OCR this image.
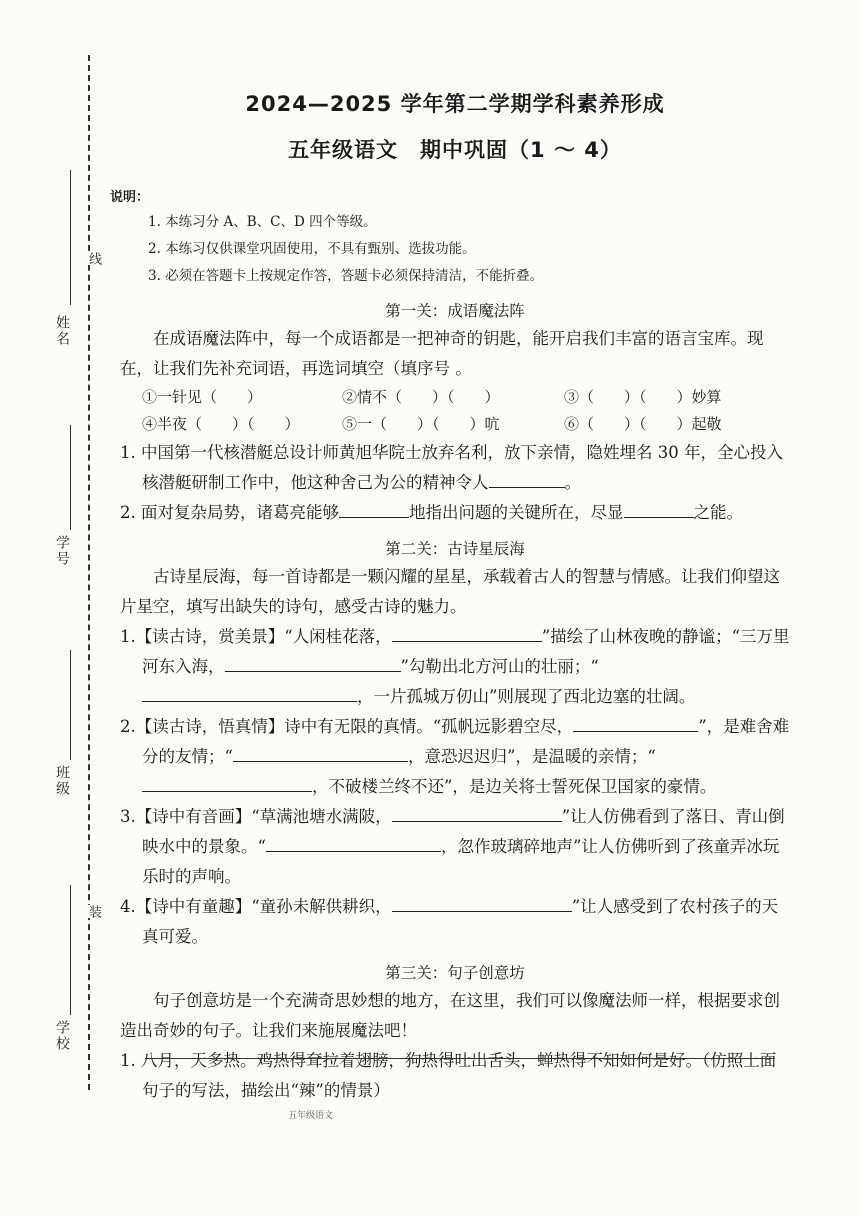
线
装
姓名
学号
班级
学校
2024—2025 学年第二学期学科素养形成
五年级语文　期中巩固（1 ～ 4）
说明：
1. 本练习分 A、B、C、D 四个等级。
2. 本练习仅供课堂巩固使用，不具有甄别、选拔功能。
3. 必须在答题卡上按规定作答，答题卡必须保持清洁，不能折叠。
第一关：成语魔法阵

在成语魔法阵中，每一个成语都是一把神奇的钥匙，能开启我们丰富的语言宝库。现在，让我们先补充词语，再选词填空（填序号 。

①一针见（　　）	②情不（　　）（　　）	③（　　）（　　）妙算
④半夜（　　）（　　）	⑤一（　　）（　　）吭	⑥（　　）（　　）起敬

1. 中国第一代核潜艇总设计师黄旭华院士放弃名利，放下亲情，隐姓埋名 30 年，全心投入核潜艇研制工作中，他这种舍己为公的精神令人	。

2. 面对复杂局势，诸葛亮能够	地指出问题的关键所在，尽显	之能。

第二关：古诗星辰海

古诗星辰海，每一首诗都是一颗闪耀的星星，承载着古人的智慧与情感。让我们仰望这片星空，填写出缺失的诗句，感受古诗的魅力。

1.【读古诗，赏美景】“人闲桂花落，	”描绘了山林夜晚的静谧；“三万里河东入海，	”勾勒出北方河山的壮丽；“，一片孤城万仞山”则展现了西北边塞的壮阔。

2.【读古诗，悟真情】诗中有无限的真情。“孤帆远影碧空尽，	”，是难舍难分的友情；“	，意恐迟迟归”，是温暖的亲情；“，不破楼兰终不还”，是边关将士誓死保卫国家的豪情。

3.【诗中有音画】“草满池塘水满陂，	”让人仿佛看到了落日、青山倒映水中的景象。“	，忽作玻璃碎地声”让人仿佛听到了孩童弄冰玩乐时的声响。

4.【诗中有童趣】“童孙未解供耕织，	”让人感受到了农村孩子的天真可爱。

第三关：句子创意坊

句子创意坊是一个充满奇思妙想的地方，在这里，我们可以像魔法师一样，根据要求创造出奇妙的句子。让我们来施展魔法吧！

1. 八月，天多热。鸡热得耷拉着翅膀，狗热得吐出舌头，蝉热得不知如何是好。（仿照上面句子的写法，描绘出“辣”的情景）

五年级语文
